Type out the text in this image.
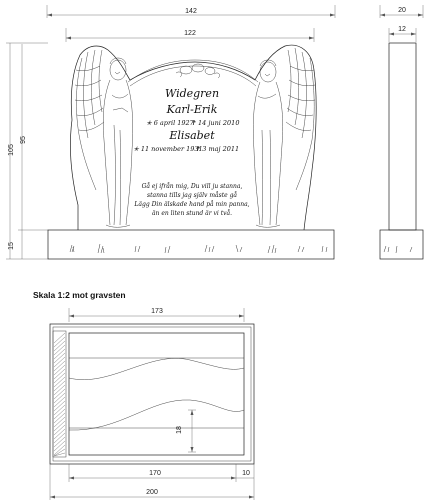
142
122
105
95
15
Widegren
Karl-Erik
✭ 6 april 1927
✝ 14 juni 2010
Elisabet
✭ 11 november 1931
✝ 3 maj 2011
Gå ej ifrån mig, Du vill ju stanna,
stanna tills jag själv måste gå
Lägg Din älskade hand på min panna,
än en liten stund är vi två.
20
12
Skala 1:2 mot gravsten
173
18
170	10
200
